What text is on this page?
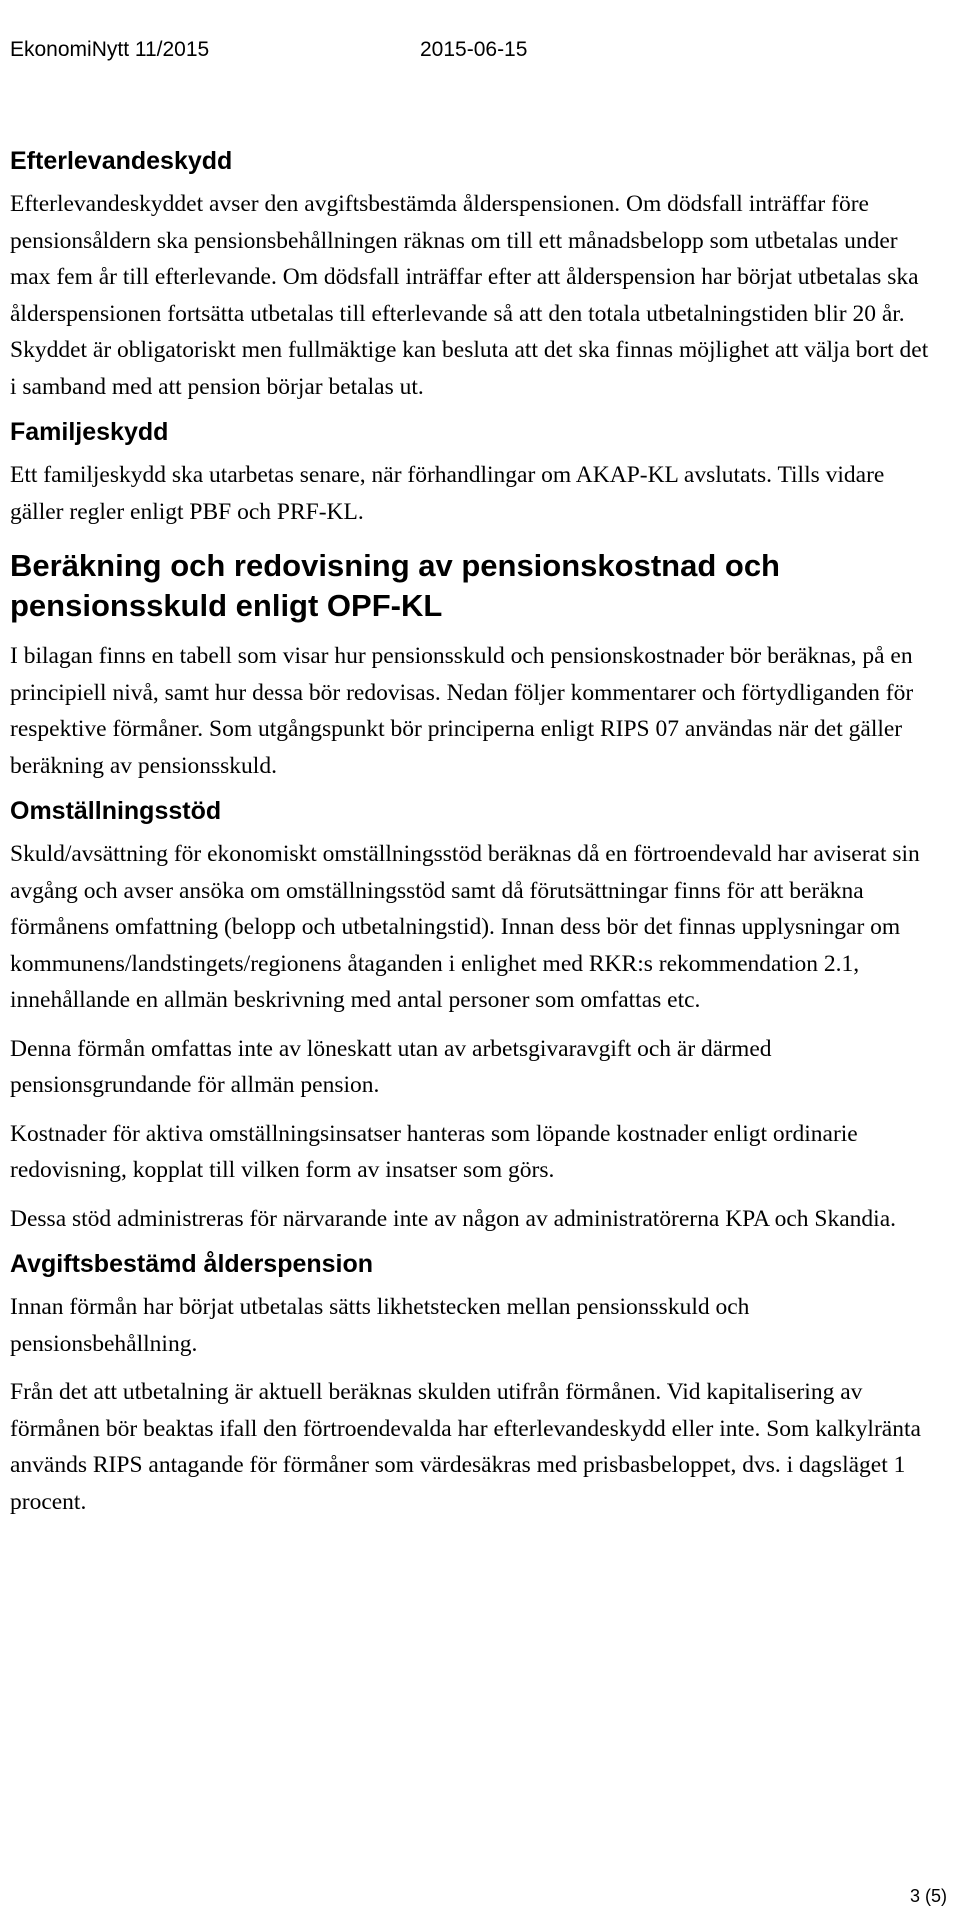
EkonomiNytt 11/2015	2015-06-15
Efterlevandeskydd

Efterlevandeskyddet avser den avgiftsbestämda ålderspensionen. Om dödsfall inträffar före pensionsåldern ska pensionsbehållningen räknas om till ett månadsbelopp som utbetalas under max fem år till efterlevande. Om dödsfall inträffar efter att ålderspension har börjat utbetalas ska ålderspensionen fortsätta utbetalas till efterlevande så att den totala utbetalningstiden blir 20 år. Skyddet är obligatoriskt men fullmäktige kan besluta att det ska finnas möjlighet att välja bort det i samband med att pension börjar betalas ut.

Familjeskydd

Ett familjeskydd ska utarbetas senare, när förhandlingar om AKAP-KL avslutats. Tills vidare gäller regler enligt PBF och PRF-KL.

Beräkning och redovisning av pensionskostnad och pensionsskuld enligt OPF-KL

I bilagan finns en tabell som visar hur pensionsskuld och pensionskostnader bör beräknas, på en principiell nivå, samt hur dessa bör redovisas. Nedan följer kommentarer och förtydliganden för respektive förmåner. Som utgångspunkt bör principerna enligt RIPS 07 användas när det gäller beräkning av pensionsskuld.

Omställningsstöd

Skuld/avsättning för ekonomiskt omställningsstöd beräknas då en förtroendevald har aviserat sin avgång och avser ansöka om omställningsstöd samt då förutsättningar finns för att beräkna förmånens omfattning (belopp och utbetalningstid). Innan dess bör det finnas upplysningar om kommunens/landstingets/regionens åtaganden i enlighet med RKR:s rekommendation 2.1, innehållande en allmän beskrivning med antal personer som omfattas etc.

Denna förmån omfattas inte av löneskatt utan av arbetsgivaravgift och är därmed pensionsgrundande för allmän pension.

Kostnader för aktiva omställningsinsatser hanteras som löpande kostnader enligt ordinarie redovisning, kopplat till vilken form av insatser som görs.

Dessa stöd administreras för närvarande inte av någon av administratörerna KPA och Skandia.

Avgiftsbestämd ålderspension

Innan förmån har börjat utbetalas sätts likhetstecken mellan pensionsskuld och pensionsbehållning.

Från det att utbetalning är aktuell beräknas skulden utifrån förmånen. Vid kapitalisering av förmånen bör beaktas ifall den förtroendevalda har efterlevandeskydd eller inte. Som kalkylränta används RIPS antagande för förmåner som värdesäkras med prisbasbeloppet, dvs. i dagsläget 1 procent.

3 (5)
